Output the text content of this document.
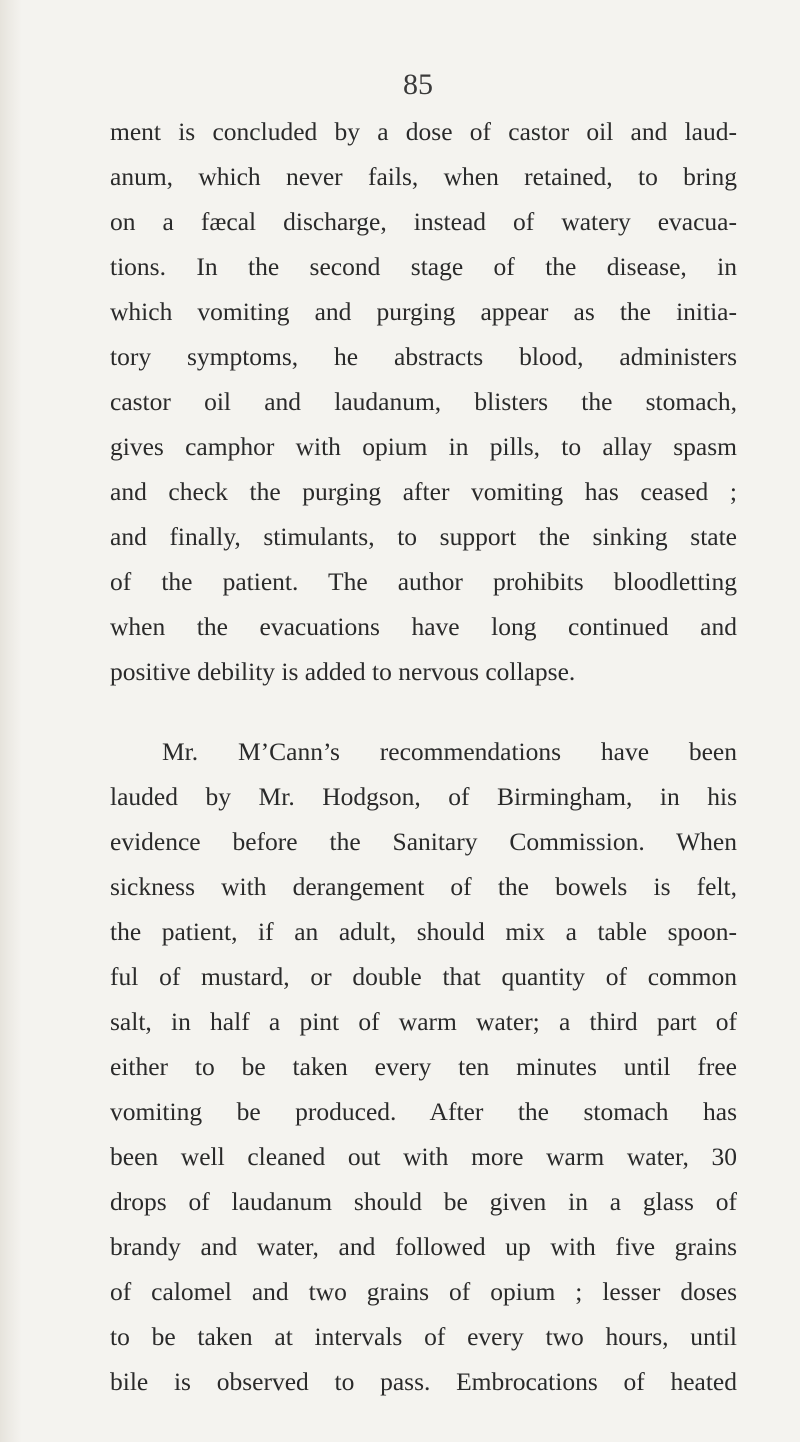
85
ment is concluded by a dose of castor oil and laud-
anum, which never fails, when retained, to bring
on a fæcal discharge, instead of watery evacua-
tions. In the second stage of the disease, in
which vomiting and purging appear as the initia-
tory symptoms, he abstracts blood, administers
castor oil and laudanum, blisters the stomach,
gives camphor with opium in pills, to allay spasm
and check the purging after vomiting has ceased ;
and finally, stimulants, to support the sinking state
of the patient. The author prohibits bloodletting
when the evacuations have long continued and
positive debility is added to nervous collapse.
Mr. M’Cann’s recommendations have been
lauded by Mr. Hodgson, of Birmingham, in his
evidence before the Sanitary Commission. When
sickness with derangement of the bowels is felt,
the patient, if an adult, should mix a table spoon-
ful of mustard, or double that quantity of common
salt, in half a pint of warm water; a third part of
either to be taken every ten minutes until free
vomiting be produced. After the stomach has
been well cleaned out with more warm water, 30
drops of laudanum should be given in a glass of
brandy and water, and followed up with five grains
of calomel and two grains of opium ; lesser doses
to be taken at intervals of every two hours, until
bile is observed to pass. Embrocations of heated
